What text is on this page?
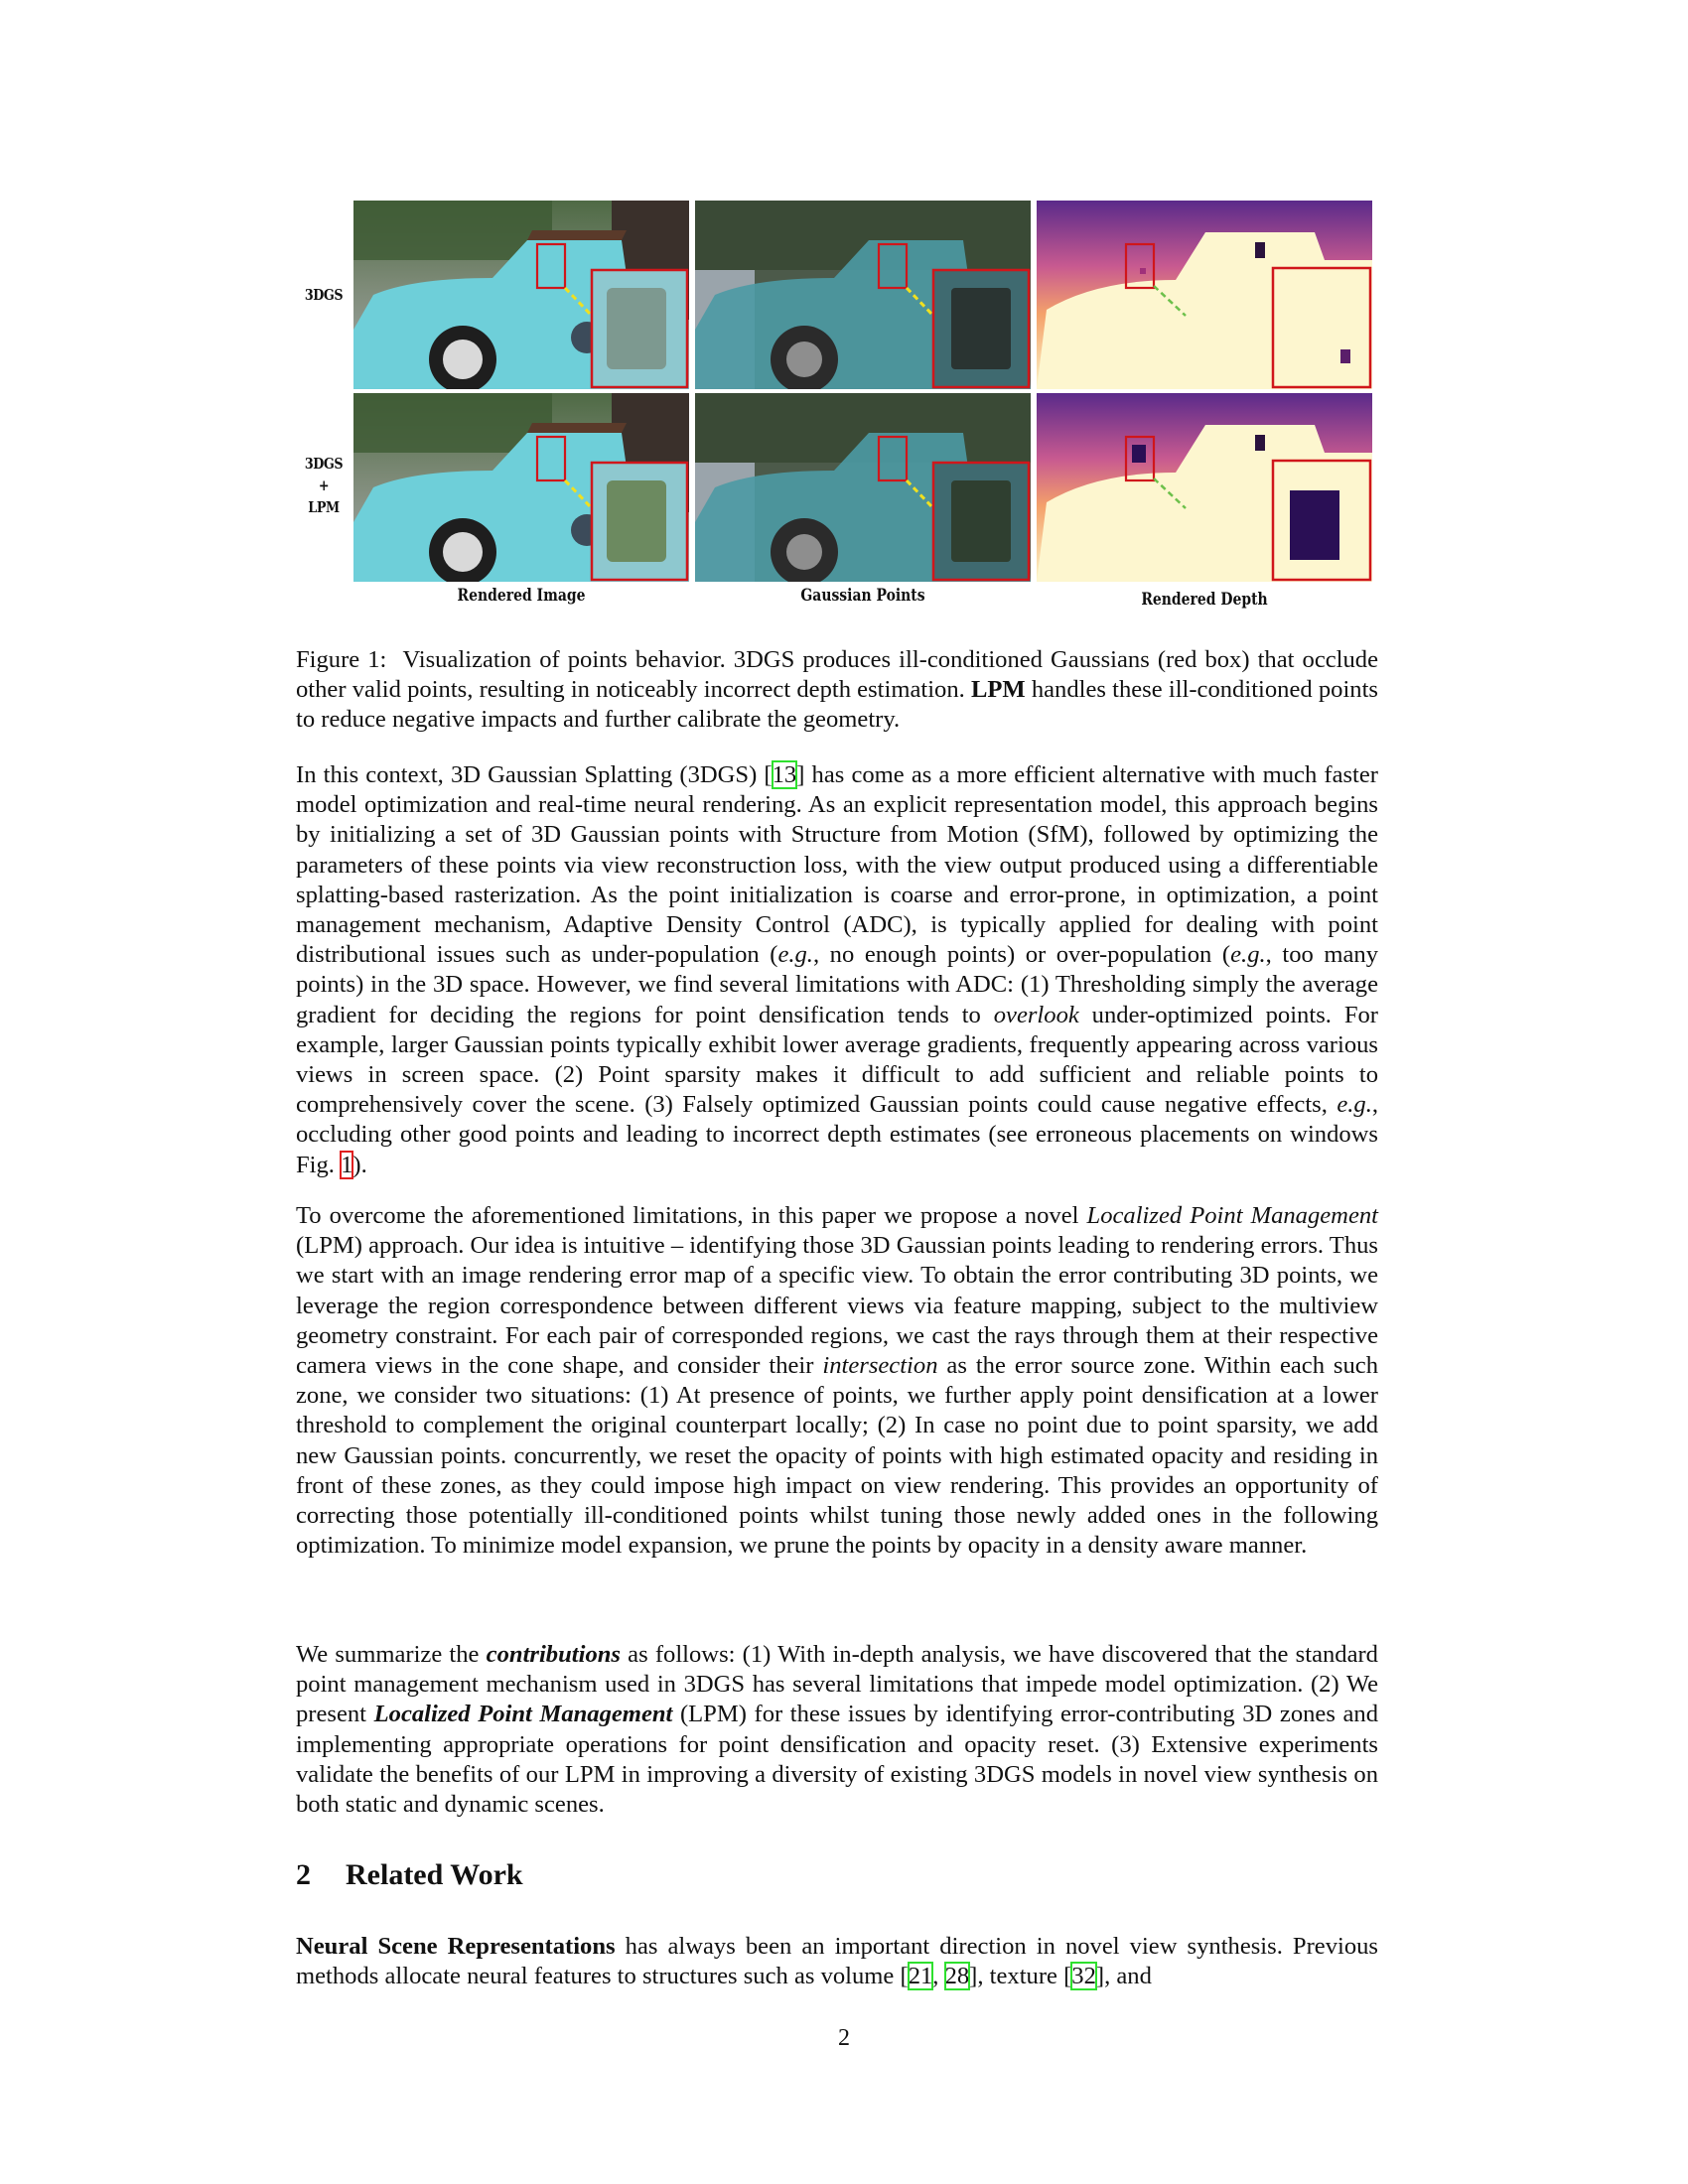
3DGS
3DGS
+
LPM
Rendered Image	Gaussian Points	Rendered Depth

Figure 1: Visualization of points behavior. 3DGS produces ill-conditioned Gaussians (red box) that occlude other valid points, resulting in noticeably incorrect depth estimation. LPM handles these ill-conditioned points to reduce negative impacts and further calibrate the geometry.

In this context, 3D Gaussian Splatting (3DGS) [13] has come as a more efficient alternative with much faster model optimization and real-time neural rendering. As an explicit representation model, this approach begins by initializing a set of 3D Gaussian points with Structure from Motion (SfM), followed by optimizing the parameters of these points via view reconstruction loss, with the view output produced using a differentiable splatting-based rasterization. As the point initialization is coarse and error-prone, in optimization, a point management mechanism, Adaptive Density Control (ADC), is typically applied for dealing with point distributional issues such as under-population (e.g., no enough points) or over-population (e.g., too many points) in the 3D space. However, we find several limitations with ADC: (1) Thresholding simply the average gradient for deciding the regions for point densification tends to overlook under-optimized points. For example, larger Gaussian points typically exhibit lower average gradients, frequently appearing across various views in screen space. (2) Point sparsity makes it difficult to add sufficient and reliable points to comprehensively cover the scene. (3) Falsely optimized Gaussian points could cause negative effects, e.g., occluding other good points and leading to incorrect depth estimates (see erroneous placements on windows Fig. 1).

To overcome the aforementioned limitations, in this paper we propose a novel Localized Point Management (LPM) approach. Our idea is intuitive – identifying those 3D Gaussian points leading to rendering errors. Thus we start with an image rendering error map of a specific view. To obtain the error contributing 3D points, we leverage the region correspondence between different views via feature mapping, subject to the multiview geometry constraint. For each pair of corresponded regions, we cast the rays through them at their respective camera views in the cone shape, and consider their intersection as the error source zone. Within each such zone, we consider two situations: (1) At presence of points, we further apply point densification at a lower threshold to complement the original counterpart locally; (2) In case no point due to point sparsity, we add new Gaussian points. concurrently, we reset the opacity of points with high estimated opacity and residing in front of these zones, as they could impose high impact on view rendering. This provides an opportunity of correcting those potentially ill-conditioned points whilst tuning those newly added ones in the following optimization. To minimize model expansion, we prune the points by opacity in a density aware manner.

We summarize the contributions as follows: (1) With in-depth analysis, we have discovered that the standard point management mechanism used in 3DGS has several limitations that impede model optimization. (2) We present Localized Point Management (LPM) for these issues by identifying error-contributing 3D zones and implementing appropriate operations for point densification and opacity reset. (3) Extensive experiments validate the benefits of our LPM in improving a diversity of existing 3DGS models in novel view synthesis on both static and dynamic scenes.

2 Related Work

Neural Scene Representations has always been an important direction in novel view synthesis. Previous methods allocate neural features to structures such as volume [21, 28], texture [32], and

2
